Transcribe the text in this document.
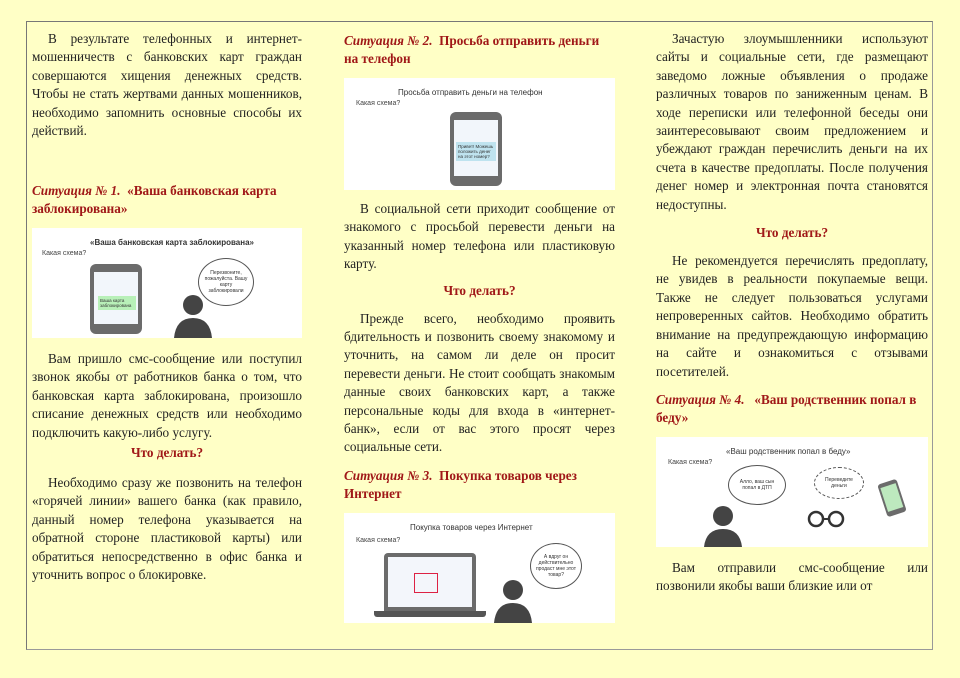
В результате телефонных и интернет-мошенничеств с банковских карт граждан совершаются хищения денежных средств. Чтобы не стать жертвами данных мошенников, необходимо запомнить основные способы их действий.

Ситуация № 1. «Ваша банковская карта заблокирована»

«Ваша банковская карта заблокирована»
Какая схема?
Ваша карта заблокирована
Перезвоните, пожалуйста. Вашу карту заблокировали

Вам пришло смс-сообщение или поступил звонок якобы от работников банка о том, что банковская карта заблокирована, произошло списание денежных средств или необходимо подключить какую-либо услугу.

Что делать?

Необходимо сразу же позвонить на телефон «горячей линии» вашего банка (как правило, данный номер телефона указывается на обратной стороне пластиковой карты) или обратиться непосредственно в офис банка и уточнить вопрос о блокировке.

Ситуация № 2. Просьба отправить деньги на телефон

Просьба отправить деньги на телефон
Какая схема?
Привет! Можешь положить денег на этот номер?

В социальной сети приходит сообщение от знакомого с просьбой перевести деньги на указанный номер телефона или пластиковую карту.

Что делать?

Прежде всего, необходимо проявить бдительность и позвонить своему знакомому и уточнить, на самом ли деле он просит перевести деньги. Не стоит сообщать знакомым данные своих банковских карт, а также персональные коды для входа в «интернет-банк», если от вас этого просят через социальные сети.

Ситуация № 3. Покупка товаров через Интернет

Покупка товаров через Интернет
Какая схема?
А вдруг он действительно продаст мне этот товар?

Зачастую злоумышленники используют сайты и социальные сети, где размещают заведомо ложные объявления о продаже различных товаров по заниженным ценам. В ходе переписки или телефонной беседы они заинтересовывают своим предложением и убеждают граждан перечислить деньги на их счета в качестве предоплаты. После получения денег номер и электронная почта становятся недоступны.

Что делать?

Не рекомендуется перечислять предоплату, не увидев в реальности покупаемые вещи. Также не следует пользоваться услугами непроверенных сайтов. Необходимо обратить внимание на предупреждающую информацию на сайте и ознакомиться с отзывами посетителей.

Ситуация № 4. «Ваш родственник попал в беду»

«Ваш родственник попал в беду»
Какая схема?
Алло, ваш сын попал в ДТП
Переведите деньги

Вам отправили смс-сообщение или позвонили якобы ваши близкие или от
